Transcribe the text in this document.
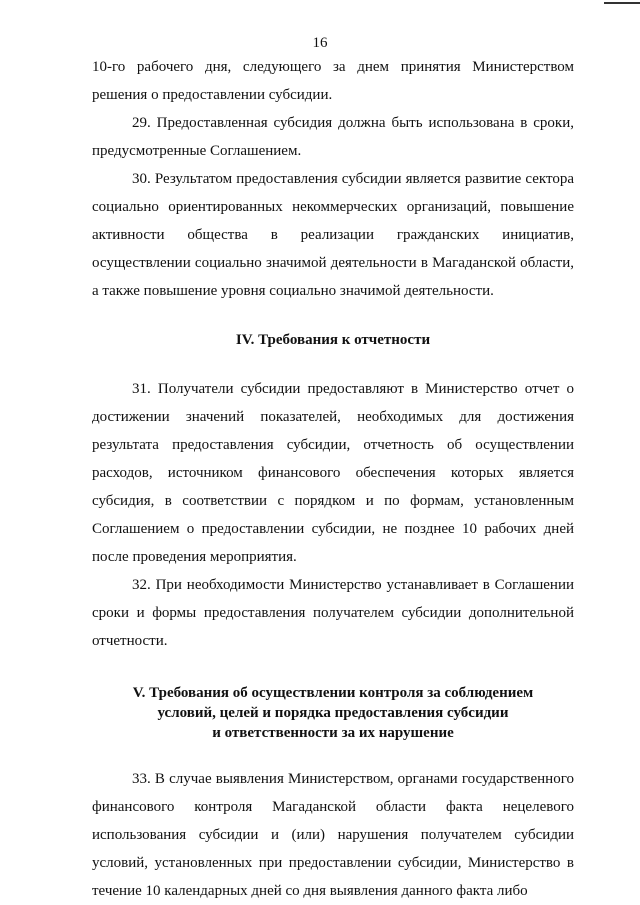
16

10-го рабочего дня, следующего за днем принятия Министерством решения о предоставлении субсидии.

29. Предоставленная субсидия должна быть использована в сроки, предусмотренные Соглашением.

30. Результатом предоставления субсидии является развитие сектора социально ориентированных некоммерческих организаций, повышение активности общества в реализации гражданских инициатив, осуществлении социально значимой деятельности в Магаданской области, а также повышение уровня социально значимой деятельности.

IV. Требования к отчетности

31. Получатели субсидии предоставляют в Министерство отчет о достижении значений показателей, необходимых для достижения результата предоставления субсидии, отчетность об осуществлении расходов, источником финансового обеспечения которых является субсидия, в соответствии с порядком и по формам, установленным Соглашением о предоставлении субсидии, не позднее 10 рабочих дней после проведения мероприятия.

32. При необходимости Министерство устанавливает в Соглашении сроки и формы предоставления получателем субсидии дополнительной отчетности.

V. Требования об осуществлении контроля за соблюдением
условий, целей и порядка предоставления субсидии
и ответственности за их нарушение

33. В случае выявления Министерством, органами государственного финансового контроля Магаданской области факта нецелевого использования субсидии и (или) нарушения получателем субсидии условий, установленных при предоставлении субсидии, Министерство в течение 10 календарных дней со дня выявления данного факта либо
